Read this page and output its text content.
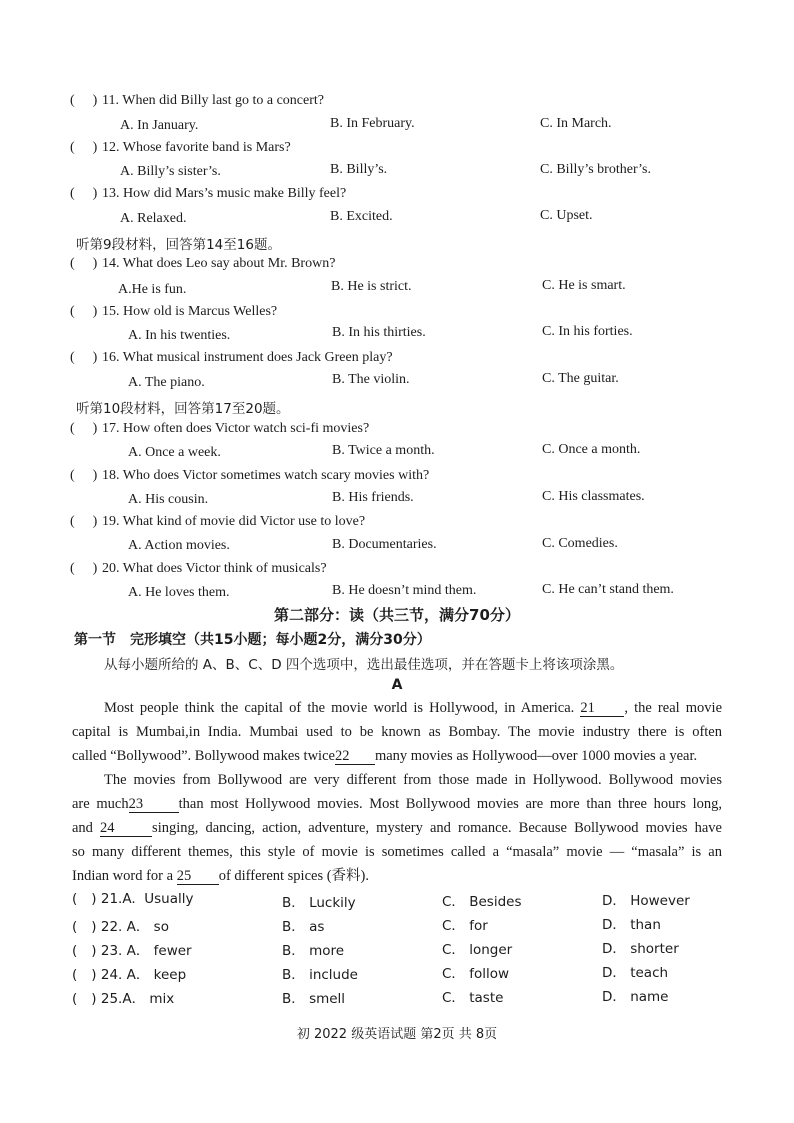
( ) 11. When did Billy last go to a concert?
A. In January.	B. In February.	C. In March.
( ) 12. Whose favorite band is Mars?
A. Billy’s sister’s.	B. Billy’s.	C. Billy’s brother’s.
( ) 13. How did Mars’s music make Billy feel?
A. Relaxed.	B. Excited.	C. Upset.
听第9段材料，回答第14至16题。
( ) 14. What does Leo say about Mr. Brown?
A.He is fun.	B. He is strict.	C. He is smart.
( ) 15. How old is Marcus Welles?
A. In his twenties.	B. In his thirties.	C. In his forties.
( ) 16. What musical instrument does Jack Green play?
A. The piano.	B. The violin.	C. The guitar.
听第10段材料，回答第17至20题。
( ) 17. How often does Victor watch sci-fi movies?
A. Once a week.	B. Twice a month.	C. Once a month.
( ) 18. Who does Victor sometimes watch scary movies with?
A. His cousin.	B. His friends.	C. His classmates.
( ) 19. What kind of movie did Victor use to love?
A. Action movies.	B. Documentaries.	C. Comedies.
( ) 20. What does Victor think of musicals?
A. He loves them.	B. He doesn’t mind them.	C. He can’t stand them.
第二部分：读（共三节，满分70分）
第一节　完形填空（共15小题；每小题2分，满分30分）
从每小题所给的 A、B、C、D 四个选项中，选出最佳选项，并在答题卡上将该项涂黑。
A
Most people think the capital of the movie world is Hollywood, in America. 21 , the real movie
capital is Mumbai,in India. Mumbai used to be known as Bombay. The movie industry there is often
called “Bollywood”. Bollywood makes twice22 many movies as Hollywood—over 1000 movies a year.
The movies from Bollywood are very different from those made in Hollywood. Bollywood movies
are much23 than most Hollywood movies. Most Bollywood movies are more than three hours long,
and 24	singing, dancing, action, adventure, mystery and romance. Because Bollywood movies have
so many different themes, this style of movie is sometimes called a “masala” movie — “masala” is an
Indian word for a 25 of different spices (香料).
( ) 21.A. Usually	B． Luckily	C． Besides	D． However
( ) 22. A． so	B． as	C． for	D． than
( ) 23. A． fewer	B． more	C． longer	D． shorter
( ) 24. A． keep	B． include	C． follow	D． teach
( ) 25.A． mix	B． smell	C． taste	D． name
初 2022 级英语试题 第2页 共 8页
